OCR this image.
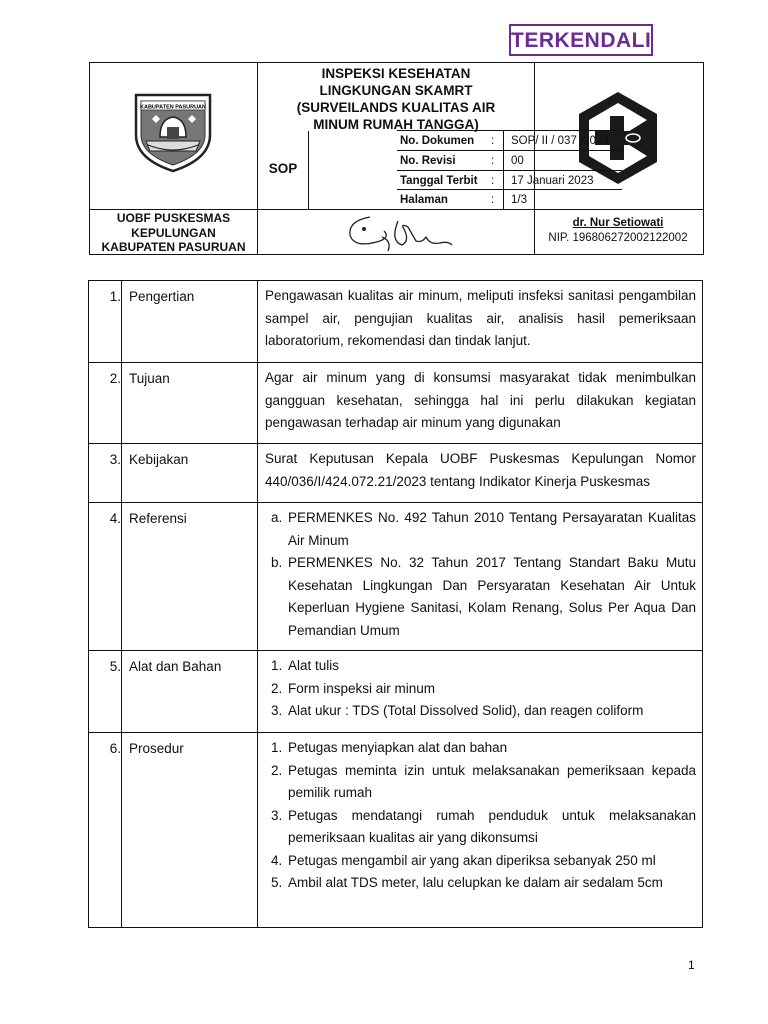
TERKENDALI
KABUPATEN PASURUAN
INSPEKSI KESEHATAN
LINGKUNGAN SKAMRT
(SURVEILANDS KUALITAS AIR
MINUM RUMAH TANGGA)
SOP
UOBF PUSKESMAS
KEPULUNGAN
KABUPATEN PASURUAN
dr. Nur Setiowati
NIP. 196806272002122002
No. Dokumen : SOP/ II / 037 /2023
No. Revisi	: 00
Tanggal Terbit : 17 Januari 2023
Halaman	: 1/3
1. Pengertian	Pengawasan kualitas air minum, meliputi insfeksi sanitasi pengambilan sampel air, pengujian kualitas air, analisis hasil pemeriksaan laboratorium, rekomendasi dan tindak lanjut.
2. Tujuan	Agar air minum yang di konsumsi masyarakat tidak menimbulkan gangguan kesehatan, sehingga hal ini perlu dilakukan kegiatan pengawasan terhadap air minum yang digunakan
3. Kebijakan	Surat Keputusan Kepala UOBF Puskesmas Kepulungan Nomor 440/036/I/424.072.21/2023 tentang Indikator Kinerja Puskesmas
4. Referensi	a. PERMENKES No. 492 Tahun 2010 Tentang Persayaratan Kualitas Air Minum
b. PERMENKES No. 32 Tahun 2017 Tentang Standart Baku Mutu Kesehatan Lingkungan Dan Persyaratan Kesehatan Air Untuk Keperluan Hygiene Sanitasi, Kolam Renang, Solus Per Aqua Dan Pemandian Umum
5. Alat dan Bahan	1. Alat tulis
2. Form inspeksi air minum
3. Alat ukur : TDS (Total Dissolved Solid), dan reagen coliform
6. Prosedur	1. Petugas menyiapkan alat dan bahan
2. Petugas meminta izin untuk melaksanakan pemeriksaan kepada pemilik rumah
3. Petugas mendatangi rumah penduduk untuk melaksanakan pemeriksaan kualitas air yang dikonsumsi
4. Petugas mengambil air yang akan diperiksa sebanyak 250 ml
5. Ambil alat TDS meter, lalu celupkan ke dalam air sedalam 5cm
1
